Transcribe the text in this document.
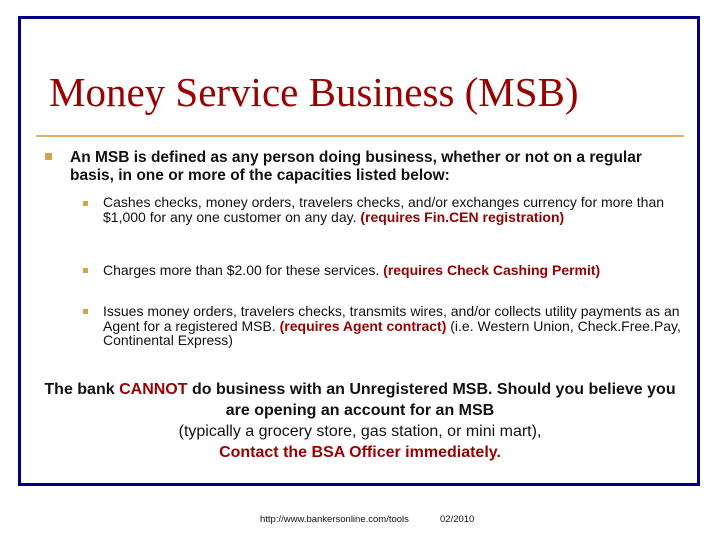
Money Service Business (MSB)
An MSB is defined as any person doing business, whether or not on a regular basis, in one or more of the capacities listed below:
Cashes checks, money orders, travelers checks, and/or exchanges currency for more than $1,000 for any one customer on any day. (requires Fin.CEN registration)
Charges more than $2.00 for these services. (requires Check Cashing Permit)
Issues money orders, travelers checks, transmits wires, and/or collects utility payments as an Agent for a registered MSB. (requires Agent contract) (i.e. Western Union, Check.Free.Pay, Continental Express)
The bank CANNOT do business with an Unregistered MSB. Should you believe you are opening an account for an MSB
(typically a grocery store, gas station, or mini mart),
Contact the BSA Officer immediately.
http://www.bankersonline.com/tools	02/2010
